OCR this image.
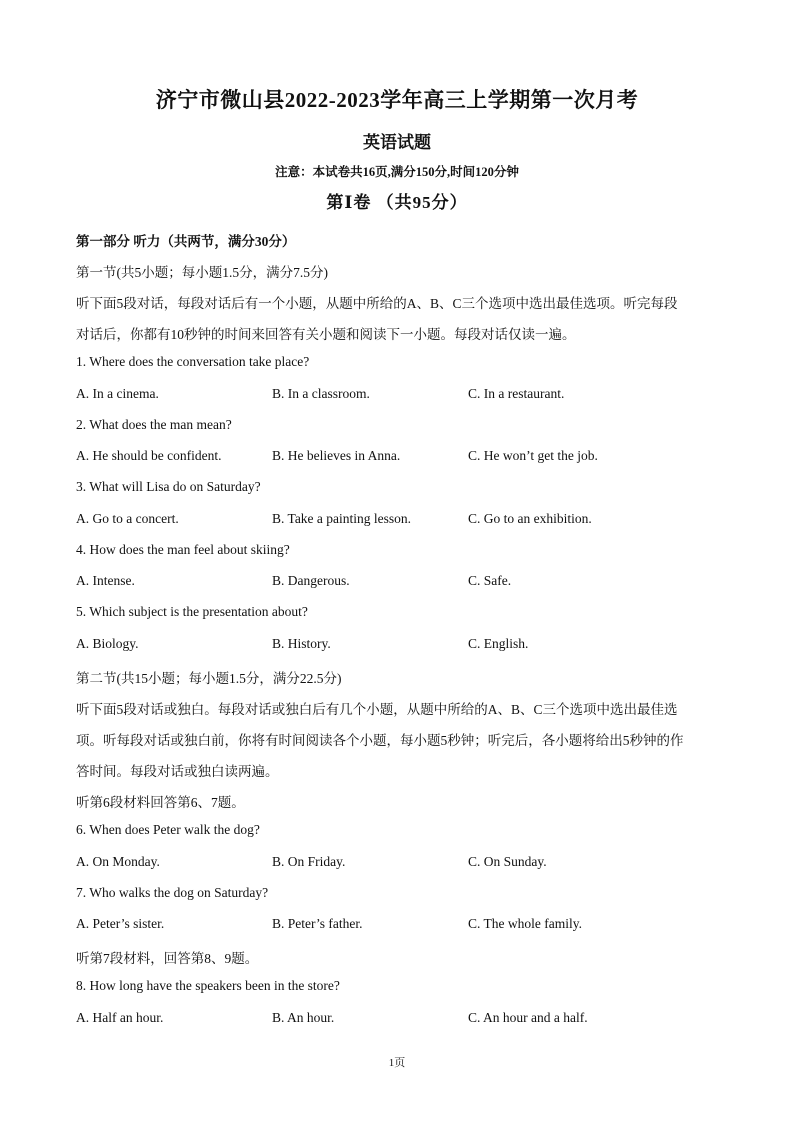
济宁市微山县2022-2023学年高三上学期第一次月考
英语试题
注意：本试卷共16页,满分150分,时间120分钟
第Ⅰ卷 （共95分）
第一部分 听力（共两节，满分30分）
第一节(共5小题；每小题1.5分，满分7.5分)
听下面5段对话，每段对话后有一个小题，从题中所给的A、B、C三个选项中选出最佳选项。听完每段
对话后，你都有10秒钟的时间来回答有关小题和阅读下一小题。每段对话仅读一遍。
1. Where does the conversation take place?
A. In a cinema.	B. In a classroom.	C. In a restaurant.
2. What does the man mean?
A. He should be confident.	B. He believes in Anna.	C. He won’t get the job.
3. What will Lisa do on Saturday?
A. Go to a concert.	B. Take a painting lesson.	C. Go to an exhibition.
4. How does the man feel about skiing?
A. Intense.	B. Dangerous.	C. Safe.
5. Which subject is the presentation about?
A. Biology.	B. History.	C. English.
第二节(共15小题；每小题1.5分，满分22.5分)
听下面5段对话或独白。每段对话或独白后有几个小题，从题中所给的A、B、C三个选项中选出最佳选
项。听每段对话或独白前，你将有时间阅读各个小题，每小题5秒钟；听完后，各小题将给出5秒钟的作
答时间。每段对话或独白读两遍。
听第6段材料回答第6、7题。
6. When does Peter walk the dog?
A. On Monday.	B. On Friday.	C. On Sunday.
7. Who walks the dog on Saturday?
A. Peter’s sister.	B. Peter’s father.	C. The whole family.
听第7段材料，回答第8、9题。
8. How long have the speakers been in the store?
A. Half an hour.	B. An hour.	C. An hour and a half.
1页
